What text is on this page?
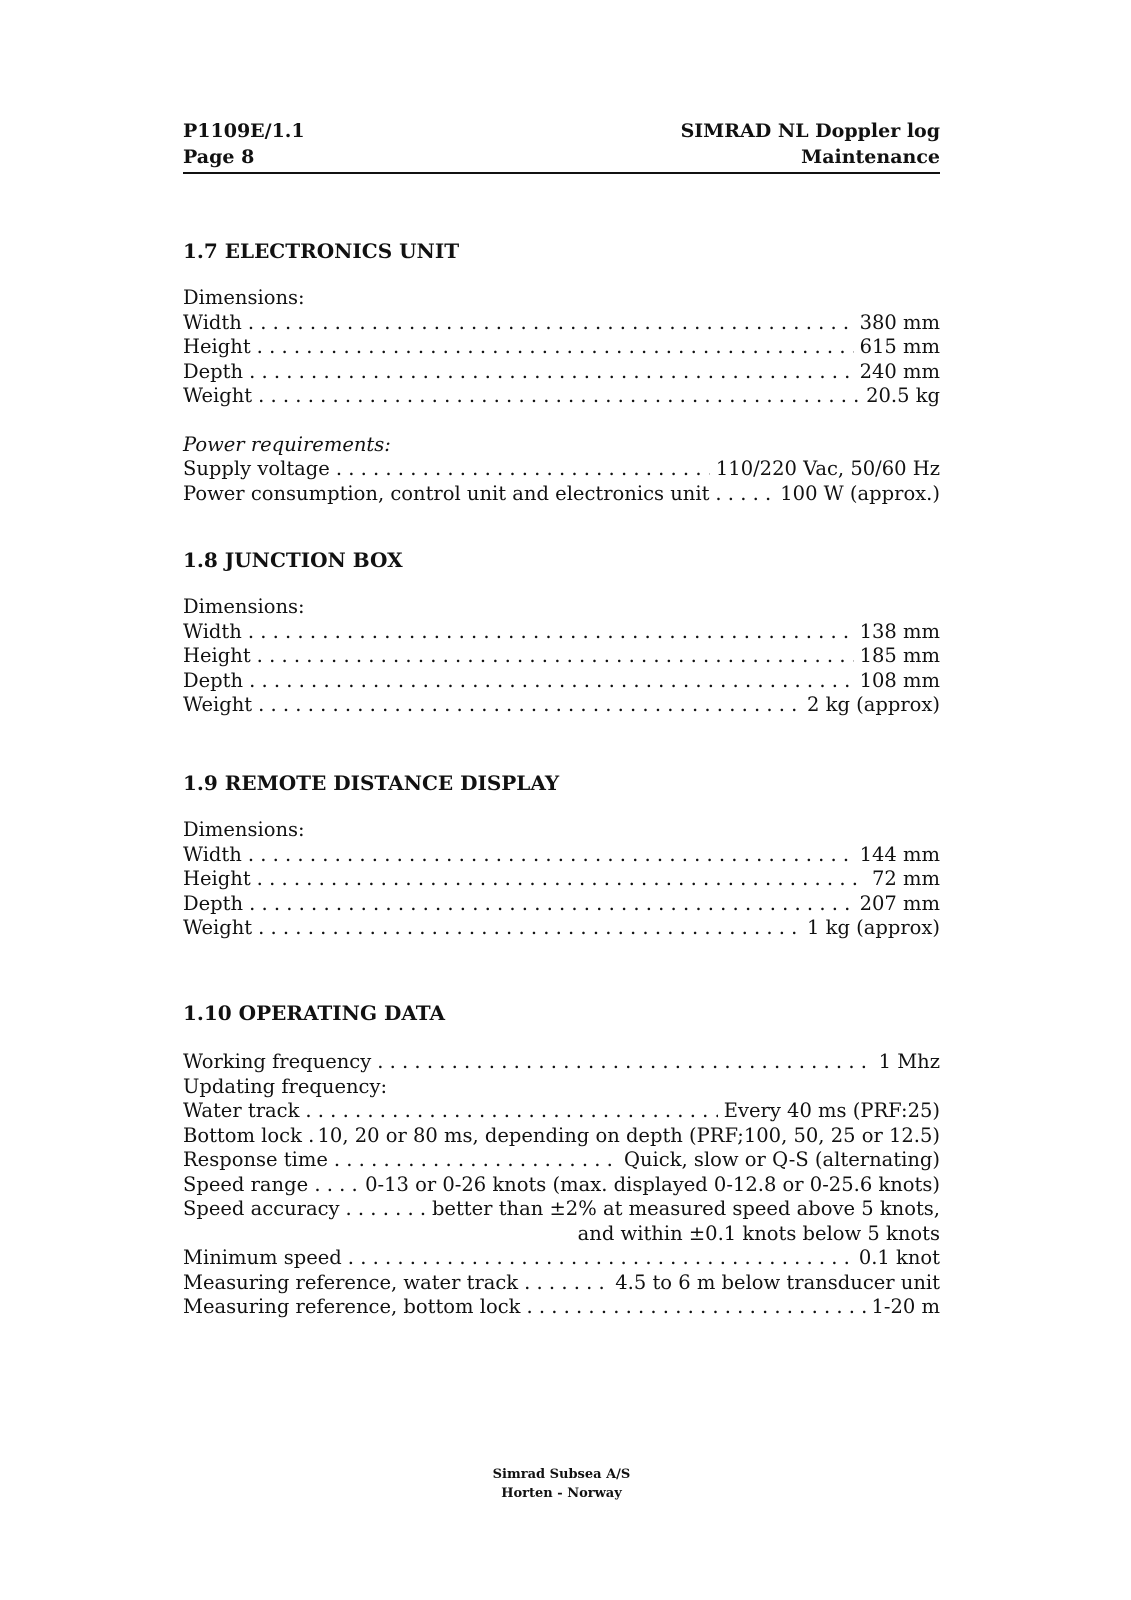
P1109E/1.1
Page 8
SIMRAD NL Doppler log
Maintenance

1.7 ELECTRONICS UNIT

Dimensions:

Width . . .	380 mm
Height . . .	615 mm
Depth . . .	240 mm
Weight . . .	20.5 kg

Power requirements:

Supply voltage . . .	110/220 Vac, 50/60 Hz
Power consumption, control unit and electronics unit . . .	100 W (approx.)

1.8 JUNCTION BOX

Dimensions:

Width . . .	138 mm
Height . . .	185 mm
Depth . . .	108 mm
Weight . . .	2 kg (approx)

1.9 REMOTE DISTANCE DISPLAY

Dimensions:

Width . . .	144 mm
Height . . .	72 mm
Depth . . .	207 mm
Weight . . .	1 kg (approx)

1.10 OPERATING DATA

Working frequency . . .	1 Mhz

Updating frequency:

Water track . . .	Every 40 ms (PRF:25)
Bottom lock . 10, 20 or 80 ms, depending on depth (PRF;100, 50, 25 or 12.5)
Response time . . .	Quick, slow or Q-S (alternating)
Speed range . . . . 0-13 or 0-26 knots (max. displayed 0-12.8 or 0-25.6 knots)
Speed accuracy . . .	better than ±2% at measured speed above 5 knots,
and within ±0.1 knots below 5 knots
Minimum speed . . .	0.1 knot
Measuring reference, water track . . .	4.5 to 6 m below transducer unit
Measuring reference, bottom lock . . .	1-20 m
Simrad Subsea A/S
Horten - Norway
